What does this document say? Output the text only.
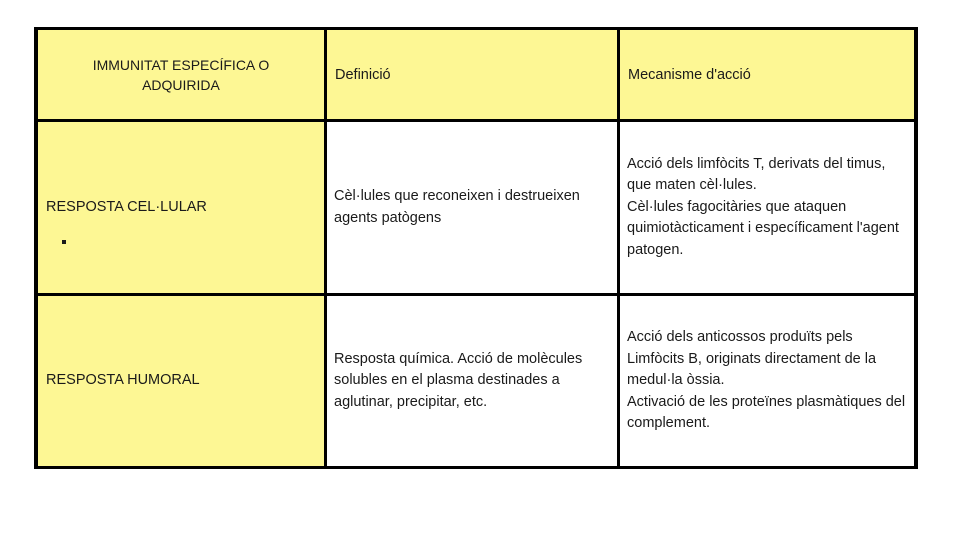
IMMUNITAT ESPECÍFICA O
ADQUIRIDA
Definició	Mecanisme d'acció
RESPOSTA CEL·LULAR
Cèl·lules que reconeixen i destrueixen agents patògens
Acció dels limfòcits T, derivats del timus, que maten cèl·lules.
Cèl·lules fagocitàries que ataquen quimiotàcticament i específicament l'agent patogen.
RESPOSTA HUMORAL
Resposta química. Acció de molècules solubles en el plasma destinades a aglutinar, precipitar, etc.
Acció dels anticossos produïts pels Limfòcits B, originats directament de la medul·la òssia.
Activació de les proteïnes plasmàtiques del complement.
